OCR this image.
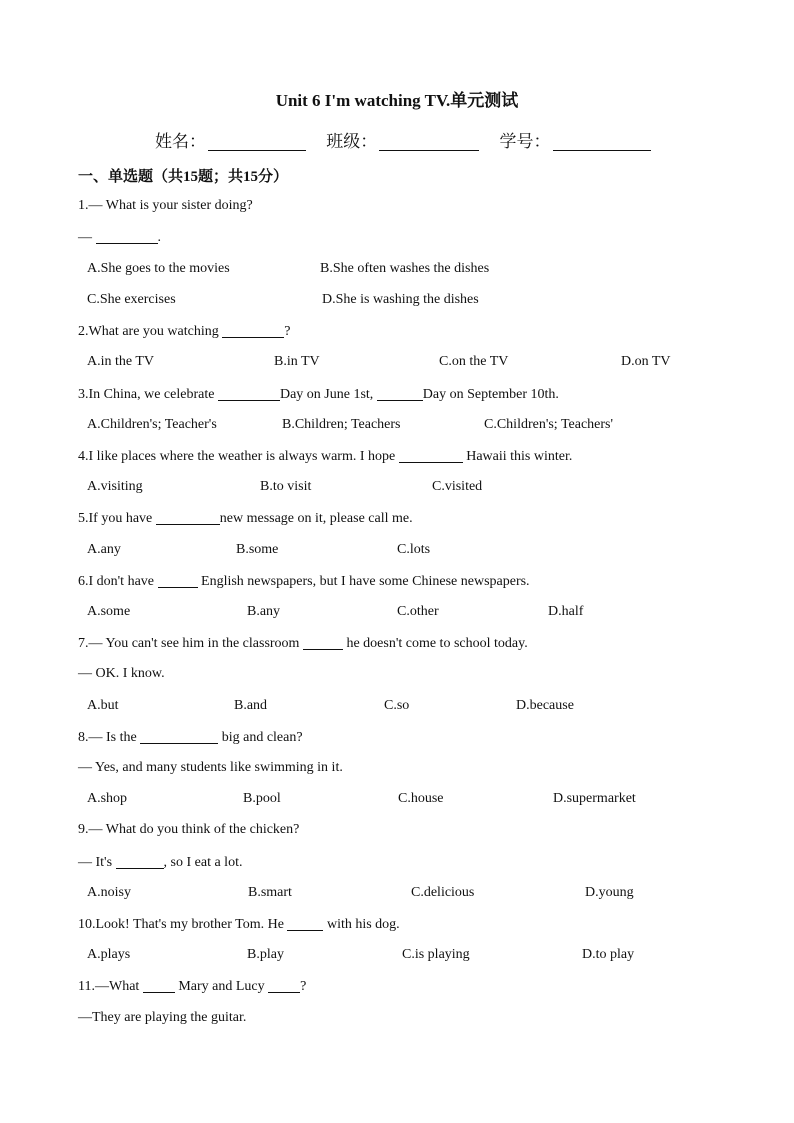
Unit 6 I'm watching TV.单元测试
姓名：	班级：	学号：
一、单选题（共15题；共15分）
1.— What is your sister doing?
—	.
A.She goes to the movies	B.She often washes the dishes
C.She exercises	D.She is washing the dishes
2.What are you watching	?
A.in the TV	B.in TV	C.on the TV	D.on TV
3.In China, we celebrate	Day on June 1st,	Day on September 10th.
A.Children's; Teacher's	B.Children; Teachers	C.Children's; Teachers'
4.I like places where the weather is always warm. I hope	Hawaii this winter.
A.visiting	B.to visit	C.visited
5.If you have	new message on it, please call me.
A.any	B.some	C.lots
6.I don't have	English newspapers, but I have some Chinese newspapers.
A.some	B.any	C.other	D.half
7.— You can't see him in the classroom	he doesn't come to school today.
— OK. I know.
A.but	B.and	C.so	D.because
8.— Is the	big and clean?
— Yes, and many students like swimming in it.
A.shop	B.pool	C.house	D.supermarket
9.— What do you think of the chicken?
— It's	, so I eat a lot.
A.noisy	B.smart	C.delicious	D.young
10.Look! That's my brother Tom. He	with his dog.
A.plays	B.play	C.is playing	D.to play
11.—What  Mary and Lucy ?
—They are playing the guitar.
